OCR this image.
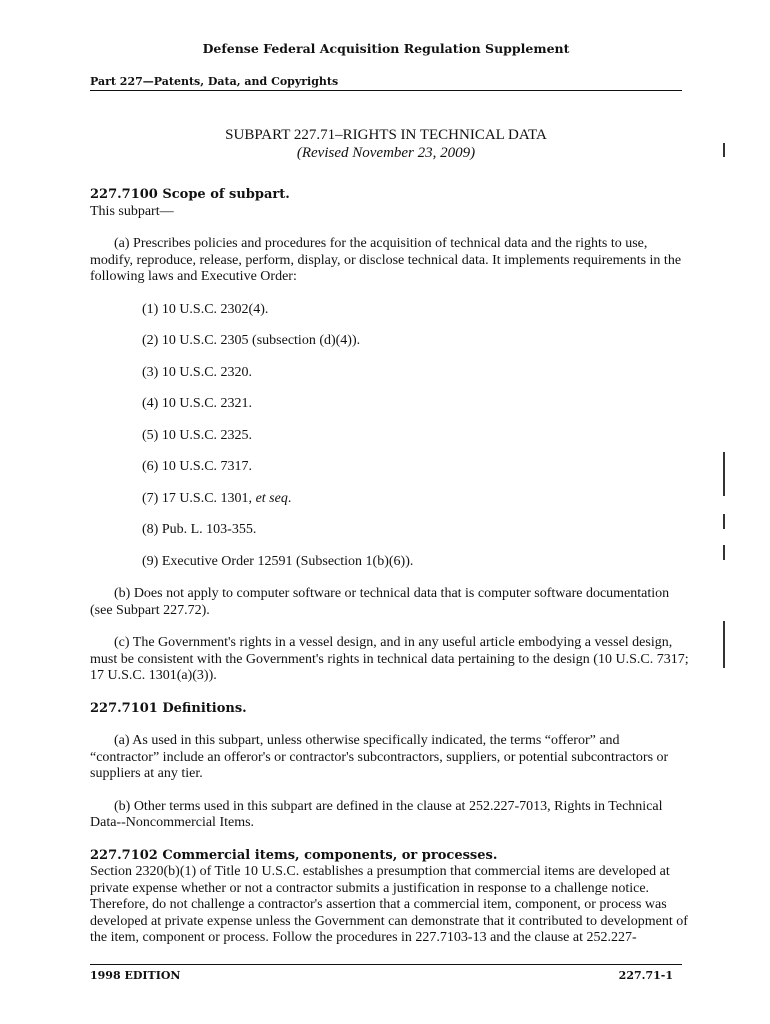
Defense Federal Acquisition Regulation Supplement
Part 227—Patents, Data, and Copyrights
SUBPART 227.71–RIGHTS IN TECHNICAL DATA
(Revised November 23, 2009)

227.7100 Scope of subpart.

This subpart—

(a) Prescribes policies and procedures for the acquisition of technical data and the rights to use, modify, reproduce, release, perform, display, or disclose technical data. It implements requirements in the following laws and Executive Order:

(1) 10 U.S.C. 2302(4).

(2) 10 U.S.C. 2305 (subsection (d)(4)).

(3) 10 U.S.C. 2320.

(4) 10 U.S.C. 2321.

(5) 10 U.S.C. 2325.

(6) 10 U.S.C. 7317.

(7) 17 U.S.C. 1301, et seq.

(8) Pub. L. 103-355.

(9) Executive Order 12591 (Subsection 1(b)(6)).

(b) Does not apply to computer software or technical data that is computer software documentation (see Subpart 227.72).

(c) The Government's rights in a vessel design, and in any useful article embodying a vessel design, must be consistent with the Government's rights in technical data pertaining to the design (10 U.S.C. 7317; 17 U.S.C. 1301(a)(3)).

227.7101 Definitions.

(a) As used in this subpart, unless otherwise specifically indicated, the terms “offeror” and “contractor” include an offeror's or contractor's subcontractors, suppliers, or potential subcontractors or suppliers at any tier.

(b) Other terms used in this subpart are defined in the clause at 252.227-7013, Rights in Technical Data--Noncommercial Items.

227.7102 Commercial items, components, or processes.

Section 2320(b)(1) of Title 10 U.S.C. establishes a presumption that commercial items are developed at private expense whether or not a contractor submits a justification in response to a challenge notice. Therefore, do not challenge a contractor's assertion that a commercial item, component, or process was developed at private expense unless the Government can demonstrate that it contributed to development of the item, component or process. Follow the procedures in 227.7103-13 and the clause at 252.227-

1998 EDITION	227.71-1
